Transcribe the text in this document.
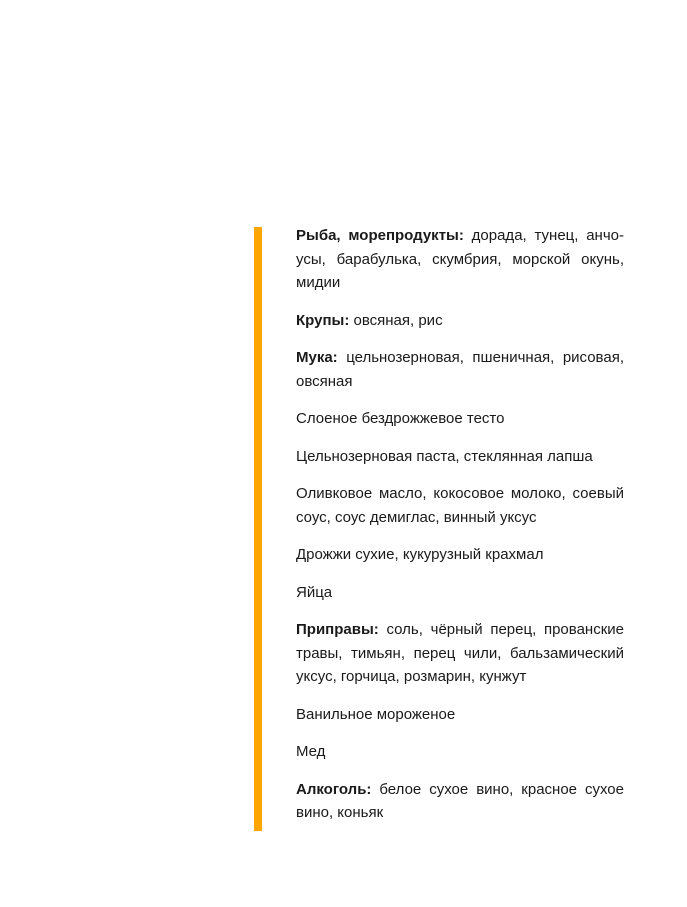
Рыба, морепродукты: дорада, тунец, анчоусы, барабулька, скумбрия, морской окунь, мидии

Крупы: овсяная, рис

Мука: цельнозерновая, пшеничная, рисовая, овсяная

Слоеное бездрожжевое тесто

Цельнозерновая паста, стеклянная лапша

Оливковое масло, кокосовое молоко, соевый соус, соус демиглас, винный уксус

Дрожжи сухие, кукурузный крахмал

Яйца

Приправы: соль, чёрный перец, прованские травы, тимьян, перец чили, бальзамический уксус, горчица, розмарин, кунжут

Ванильное мороженое

Мед

Алкоголь: белое сухое вино, красное сухое вино, коньяк
